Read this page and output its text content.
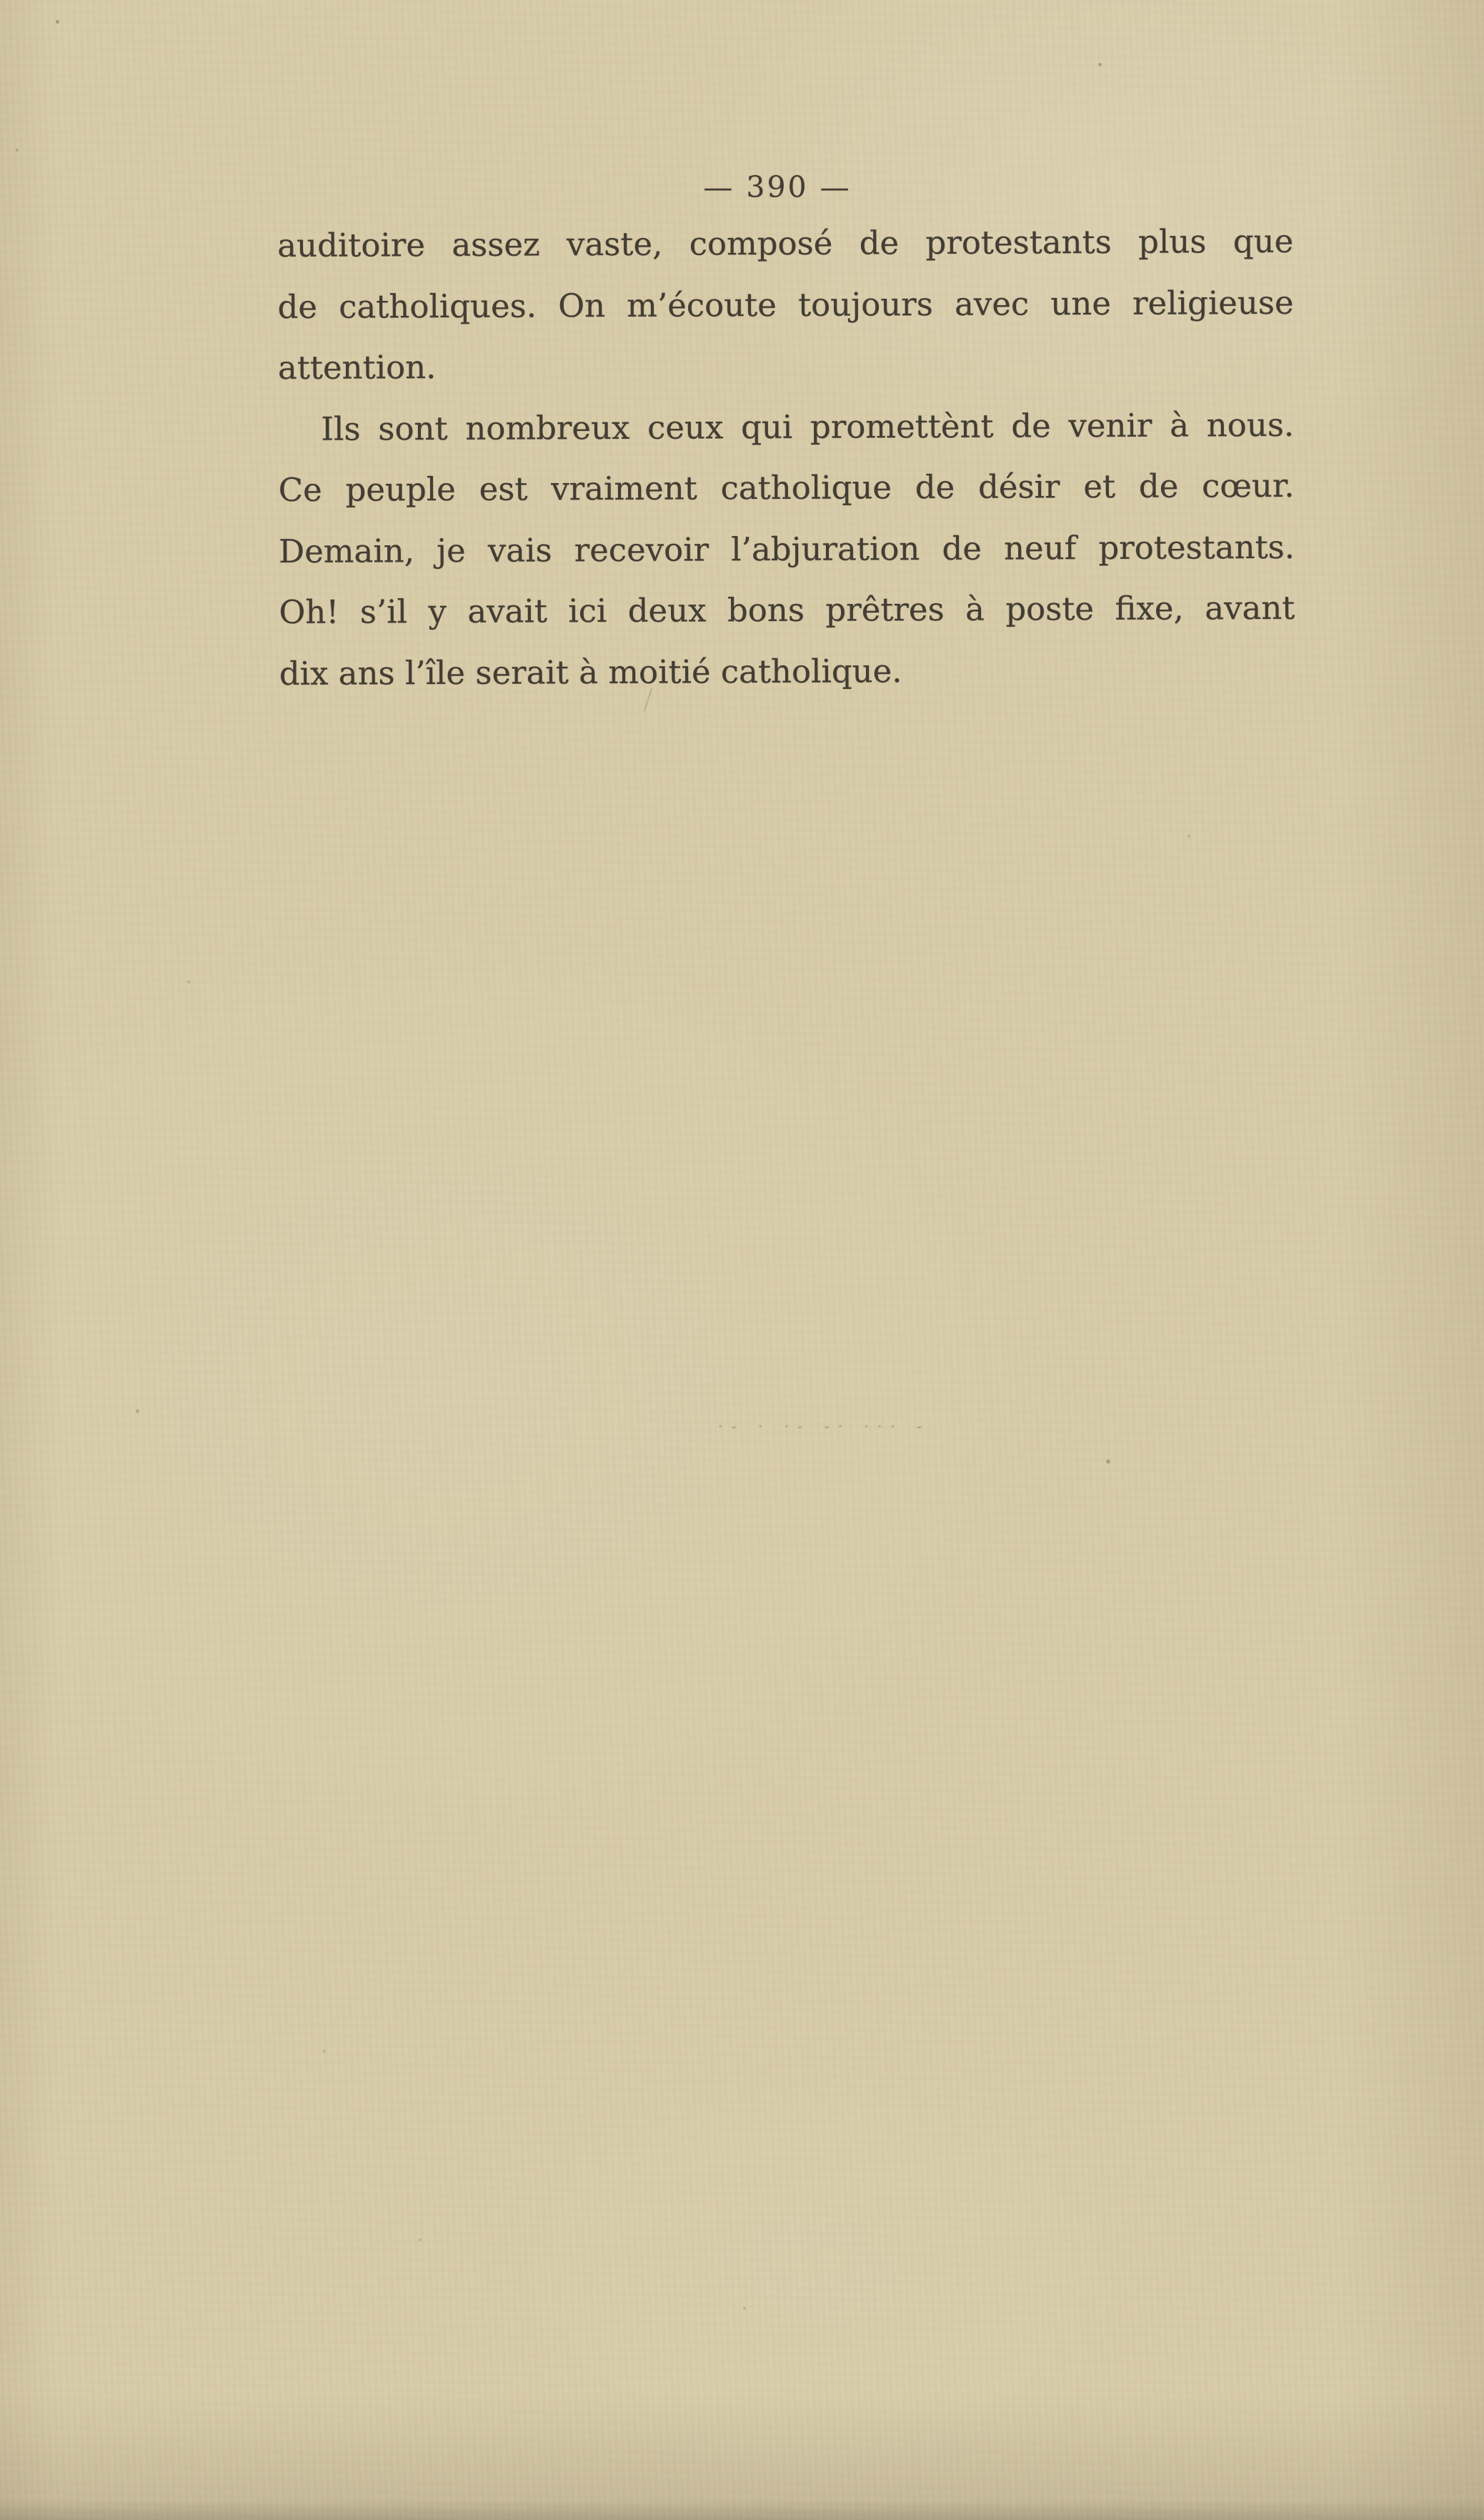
— 390 —
auditoire assez vaste, composé de protestants plus que
de catholiques. On m’écoute toujours avec une religieuse
attention.
Ils sont nombreux ceux qui promettènt de venir à nous.
Ce peuple est vraiment catholique de désir et de cœur.
Demain, je vais recevoir l’abjuration de neuf protestants.
Oh! s’il y avait ici deux bons prêtres à poste fixe, avant
dix ans l’île serait à moitié catholique.
·- · ·- -· ··· -
